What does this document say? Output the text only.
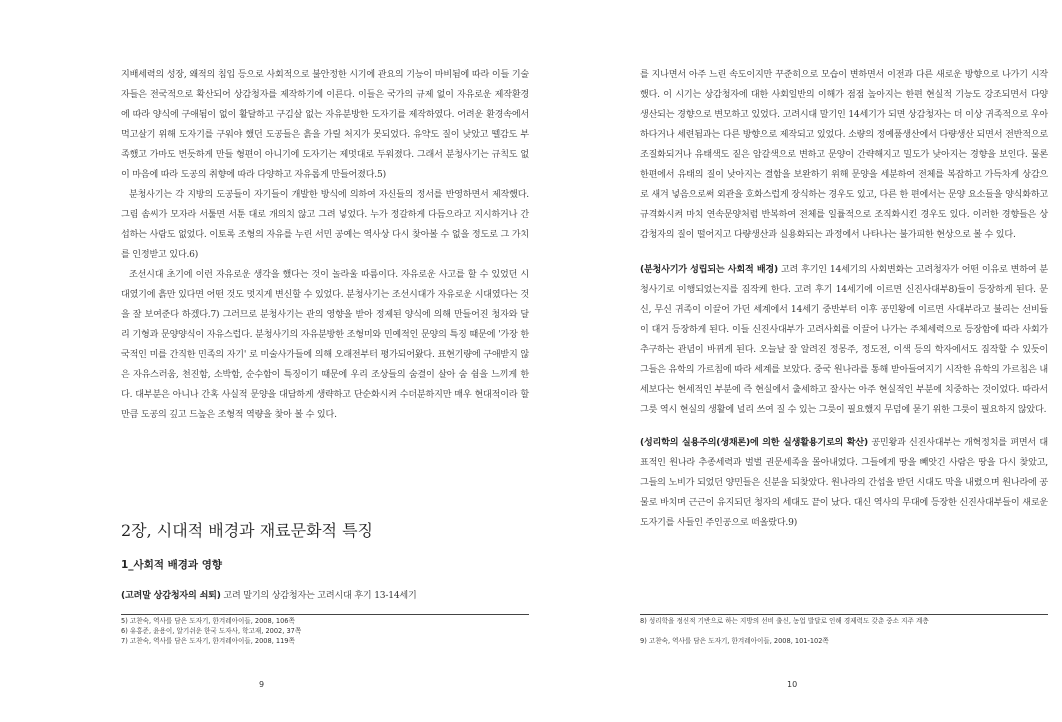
지배세력의 성장, 왜적의 침입 등으로 사회적으로 불안정한 시기에 관요의 기능이 마비됨에 따라 이들 기술자들은 전국적으로 확산되어 상감청자를 제작하기에 이른다. 이들은 국가의 규제 없이 자유로운 제작환경에 따라 양식에 구애됨이 없이 활달하고 구김살 없는 자유분방한 도자기를 제작하였다. 어려운 환경속에서 먹고살기 위해 도자기를 구워야 했던 도공들은 흙을 가릴 처지가 못되었다. 유약도 질이 낮았고 뗄감도 부족했고 가마도 번듯하게 만들 형편이 아니기에 도자기는 제멋대로 두워졌다. 그래서 분청사기는 규칙도 없이 마음에 따라 도공의 취향에 따라 다양하고 자유롭게 만들어졌다.5)

분청사기는 각 지방의 도공들이 자기들이 개발한 방식에 의하여 자신들의 정서를 반영하면서 제작했다. 그림 솜씨가 모자라 서툴면 서툰 대로 개의치 않고 그려 넣었다. 누가 정갈하게 다듬으라고 지시하거나 간섭하는 사람도 없었다. 이토록 조형의 자유를 누린 서민 공예는 역사상 다시 찾아볼 수 없을 정도로 그 가치를 인정받고 있다.6)

조선시대 초기에 이런 자유로운 생각을 했다는 것이 놀라울 따름이다. 자유로운 사고를 할 수 있었던 시대였기에 흙만 있다면 어떤 것도 멋지게 변신할 수 있었다. 분청사기는 조선시대가 자유로운 시대였다는 것을 잘 보여준다 하겠다.7) 그러므로 분청사기는 관의 영향을 받아 정제된 양식에 의해 만들어진 청자와 달리 기형과 문양양식이 자유스럽다. 분청사기의 자유분방한 조형미와 민예적인 문양의 특징 때문에 '가장 한국적인 미를 간직한 민족의 자기' 로 미술사가들에 의해 오래전부터 평가되어왔다. 표현기량에 구애받지 않은 자유스러움, 천진함, 소박함, 순수함이 특징이기 때문에 우리 조상들의 숨결이 살아 숨 쉼을 느끼게 한다. 대부분은 아니나 간혹 사실적 문양을 대담하게 생략하고 단순화시켜 수더분하지만 매우 현대적이라 할 만큼 도공의 깊고 드높은 조형적 역량을 찾아 볼 수 있다.

2장, 시대적 배경과 재료문화적 특징
1_사회적 배경과 영향

(고려말 상감청자의 쇠퇴) 고려 말기의 상감청자는 고려시대 후기 13-14세기

5) 고찬숙, 역사를 담은 도자기, 한겨레아이들, 2008, 106쪽

6) 유홍준, 윤용이, 알기쉬운 한국 도자사, 학고재, 2002, 37쪽

7) 고찬숙, 역사를 담은 도자기, 한겨레아이들, 2008, 119쪽

9

를 지나면서 아주 느린 속도이지만 꾸준히으로 모습이 변하면서 이전과 다른 새로운 방향으로 나가기 시작했다. 이 시기는 상감청자에 대한 사회일반의 이해가 점점 높아지는 한편 현실적 기능도 강조되면서 다양 생산되는 경향으로 변모하고 있었다. 고려시대 말기인 14세기가 되면 상감청자는 더 이상 귀족적으로 우아하다거나 세련됨과는 다른 방향으로 제작되고 있었다. 소량의 정예품생산에서 다량생산 되면서 전반적으로 조질화되거나 유태색도 짙은 암갈색으로 변하고 문양이 간략해지고 밀도가 낮아지는 경향을 보인다. 물론 한편에서 유태의 질이 낮아지는 결함을 보완하기 위해 문양을 세분하여 전체를 복잡하고 가득차게 상감으로 새겨 넣음으로써 외관을 호화스럽게 장식하는 경우도 있고, 다른 한 편에서는 문양 요소들을 양식화하고 규격화시켜 마치 연속문양처럼 반복하여 전체를 일률적으로 조직화시킨 경우도 있다. 이러한 경향들은 상감청자의 질이 떨어지고 다량생산과 실용화되는 과정에서 나타나는 불가피한 현상으로 볼 수 있다.

(분청사기가 성립되는 사회적 배경) 고려 후기인 14세기의 사회변화는 고려청자가 어떤 이유로 변하여 분청사기로 이행되었는지를 짐작케 한다. 고려 후기 14세기에 이르면 신진사대부8)들이 등장하게 된다. 문신, 무신 귀족이 이끌어 가던 세계에서 14세기 중반부터 이후 공민왕에 이르면 사대부라고 불리는 선비들이 대거 등장하게 된다. 이들 신진사대부가 고려사회를 이끌어 나가는 주체세력으로 등장함에 따라 사회가 추구하는 관념이 바뀌게 된다. 오늘날 잘 알려진 정몽주, 정도전, 이색 등의 학자에서도 짐작할 수 있듯이 그들은 유학의 가르침에 따라 세계를 보았다. 중국 원나라를 통해 받아들여지기 시작한 유학의 가르침은 내세보다는 현세적인 부분에 즉 현실에서 출세하고 잘사는 아주 현실적인 부분에 치중하는 것이었다. 따라서 그릇 역시 현실의 생활에 널리 쓰여 질 수 있는 그릇이 필요했지 무덤에 묻기 위한 그릇이 필요하지 않았다.

(성리학의 실용주의(생채론)에 의한 실생활용기로의 확산) 공민왕과 신진사대부는 개혁정치를 펴면서 대표적인 원나라 추종세력과 벌벌 권문세족을 몰아내었다. 그들에게 땅을 빼앗긴 사람은 땅을 다시 찾았고, 그들의 노비가 되었던 양민들은 신분을 되찾았다. 원나라의 간섭을 받던 시대도 막을 내렸으며 원나라에 공물로 바치며 근근이 유지되던 청자의 세대도 끝이 났다. 대신 역사의 무대에 등장한 신진사대부들이 새로운 도자기를 사들인 주인공으로 떠올랐다.9)

8) 성리학을 정신적 기반으로 하는 지방의 선비 출신, 농업 발달로 인해 경제력도 갖춘 중소 지주 계층

9) 고찬숙, 역사를 담은 도자기, 한겨레아이들, 2008, 101-102쪽

10
